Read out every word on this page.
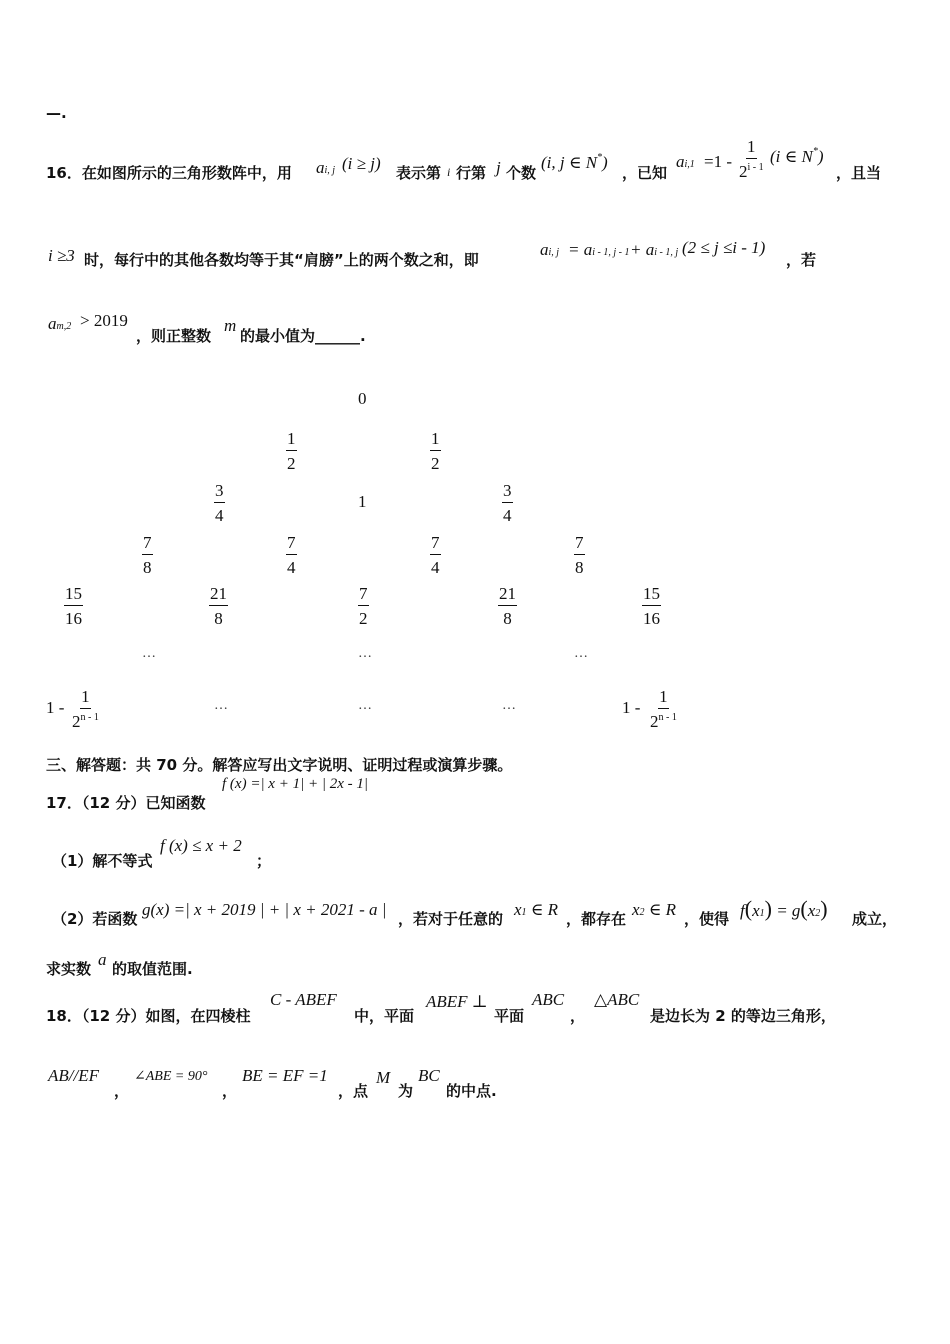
—.
16．在如图所示的三角形数阵中，用 ai, j (i ≥ j) 表示第 i 行第 j 个数
(i, j ∈ N*)
，已知
$ai,1 =1 - \frac{1}{2^{i - 1}} (i$ ∈ N*)
，且当
i ≥3 时，每行中的其他各数均等于其“肩膀”上的两个数之和，即
ai, j = ai - 1, j - 1 + ai - 1, j (2 ≤ j ≤i - 1)
，若
am,2 > 2019
，则正整数
m
的最小值为______.
0
$\frac{1}{2}$	$\frac{1}{2}$
$\frac{3}{4}$	1	$\frac{3}{4}$
$\frac{7}{8}$	$\frac{7}{4}$	$\frac{7}{4}$	$\frac{7}{8}$
$\frac{15}{16}$	$\frac{21}{8}$	$\frac{7}{2}$	$\frac{21}{8}$	$\frac{15}{16}$
…	…	…
$1 - \frac{1}{2^{n - 1}}$	…	…	…	$1 - \frac{1}{2^{n - 1}}$
三、解答题：共 70 分。解答应写出文字说明、证明过程或演算步骤。
17．（12 分）已知函数
f (x) =| x + 1| + | 2x - 1|
（1）解不等式
f (x) ≤ x + 2
；
（2）若函数 g(x) =| x + 2019 | + | x + 2021 - a | ，若对于任意的 x1 ∈ R ，都存在 x2 ∈ R ，使得 f(x1) = g(x2) 成立，
求实数 a 的取值范围.
18．（12 分）如图，在四棱柱
C - ABEF
中，平面
ABEF ⊥
平面
ABC
，
△ABC
是边长为 2 的等边三角形，
AB//EF
，
∠ABE = 90°
，
BE = EF =1
，点
M
为
BC
的中点.
